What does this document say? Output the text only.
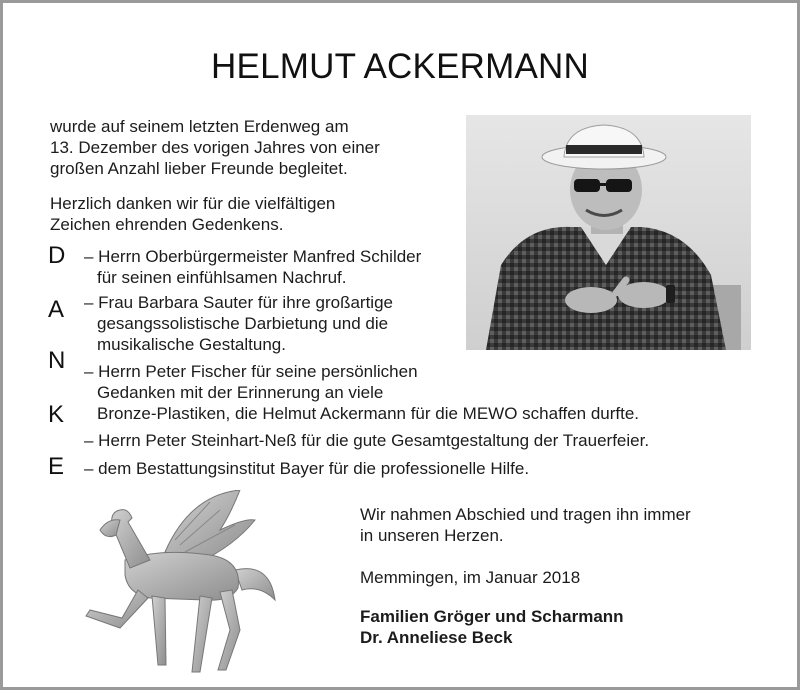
HELMUT ACKERMANN
wurde auf seinem letzten Erdenweg am
13. Dezember des vorigen Jahres von einer
großen Anzahl lieber Freunde begleitet.
Herzlich danken wir für die vielfältigen
Zeichen ehrenden Gedenkens.
D
A
N
K
E
– Herrn Oberbürgermeister Manfred Schilder
für seinen einfühlsamen Nachruf.
– Frau Barbara Sauter für ihre großartige
gesangssolistische Darbietung und die
musikalische Gestaltung.
– Herrn Peter Fischer für seine persönlichen
Gedanken mit der Erinnerung an viele
Bronze-Plastiken, die Helmut Ackermann für die MEWO schaffen durfte.
– Herrn Peter Steinhart-Neß für die gute Gesamtgestaltung der Trauerfeier.
– dem Bestattungsinstitut Bayer für die professionelle Hilfe.
Wir nahmen Abschied und tragen ihn immer
in unseren Herzen.
Memmingen, im Januar 2018
Familien Gröger und Scharmann
Dr. Anneliese Beck
